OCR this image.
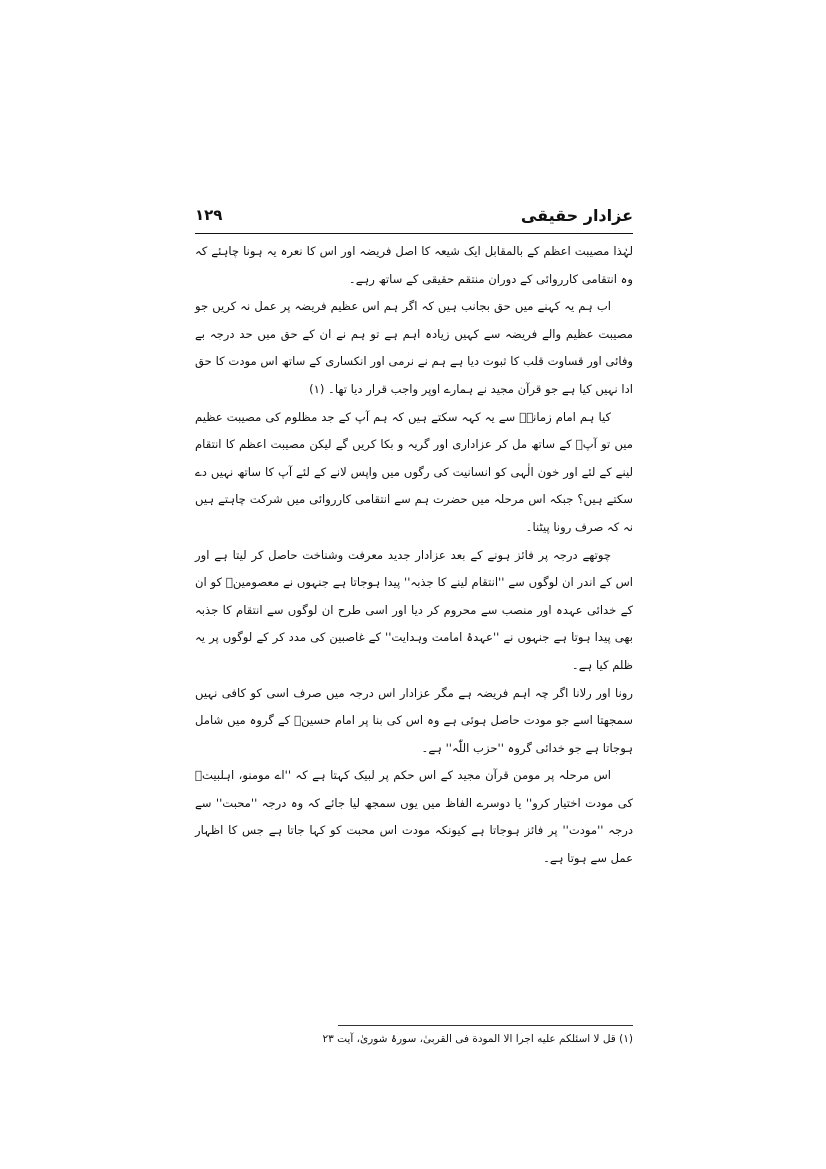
۱۲۹	عزادار حقیقی

لہٰذا مصیبت اعظم کے بالمقابل ایک شیعہ کا اصل فریضہ اور اس کا نعرہ یہ ہونا چاہئے کہ وہ انتقامی کارروائی کے دوران منتقم حقیقی کے ساتھ رہے۔

اب ہم یہ کہنے میں حق بجانب ہیں کہ اگر ہم اس عظیم فریضہ پر عمل نہ کریں جو مصیبت عظیم والے فریضہ سے کہیں زیادہ اہم ہے تو ہم نے ان کے حق میں حد درجہ بے وفائی اور قساوت قلب کا ثبوت دیا ہے ہم نے نرمی اور انکساری کے ساتھ اس مودت کا حق ادا نہیں کیا ہے جو قرآن مجید نے ہمارے اوپر واجب قرار دیا تھا۔ (۱)

کیا ہم امام زمانہؑ سے یہ کہہ سکتے ہیں کہ ہم آپ کے جد مظلوم کی مصیبت عظیم میں تو آپؑ کے ساتھ مل کر عزاداری اور گریہ و بکا کریں گے لیکن مصیبت اعظم کا انتقام لینے کے لئے اور خون الٰہی کو انسانیت کی رگوں میں واپس لانے کے لئے آپ کا ساتھ نہیں دے سکتے ہیں؟ جبکہ اس مرحلہ میں حضرت ہم سے انتقامی کارروائی میں شرکت چاہتے ہیں نہ کہ صرف رونا پیٹنا۔

چوتھے درجہ پر فائز ہونے کے بعد عزادار جدید معرفت وشناخت حاصل کر لیتا ہے اور اس کے اندر ان لوگوں سے ''انتقام لینے کا جذبہ'' پیدا ہوجاتا ہے جنہوں نے معصومینؑ کو ان کے خدائی عہدہ اور منصب سے محروم کر دیا اور اسی طرح ان لوگوں سے انتقام کا جذبہ بھی پیدا ہوتا ہے جنہوں نے ''عہدۂ امامت وہدایت'' کے غاصبین کی مدد کر کے لوگوں پر یہ ظلم کیا ہے۔

رونا اور رلانا اگر چہ اہم فریضہ ہے مگر عزادار اس درجہ میں صرف اسی کو کافی نہیں سمجھتا اسے جو مودت حاصل ہوئی ہے وہ اس کی بنا پر امام حسینؑ کے گروہ میں شامل ہوجاتا ہے جو خدائی گروہ ''حزب اللّٰہ'' ہے۔

اس مرحلہ پر مومن قرآن مجید کے اس حکم پر لبیک کہتا ہے کہ ''اے مومنو، اہلبیتؑ کی مودت اختیار کرو'' یا دوسرے الفاظ میں یوں سمجھ لیا جائے کہ وہ درجہ ''محبت'' سے درجہ ''مودت'' پر فائز ہوجاتا ہے کیونکہ مودت اس محبت کو کہا جاتا ہے جس کا اظہار عمل سے ہوتا ہے۔

(۱) قل لا اسئلکم علیه اجرا الا المودة فی القربیٰ، سورۂ شوریٰ، آیت ۲۳
